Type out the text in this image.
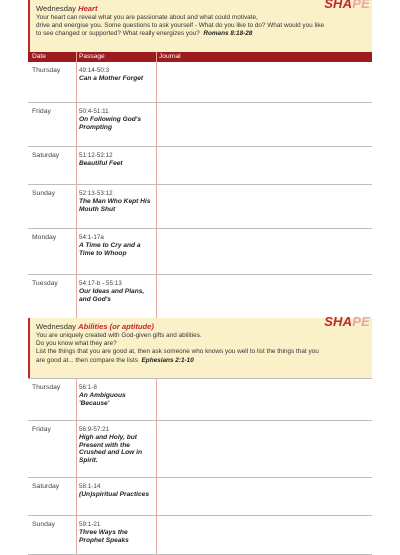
Wednesday Heart	SHAPE
Your heart can reveal what you are passionate about and what could motivate,
drive and energise you. Some questions to ask yourself - What do you like to do? What would you like
to see changed or supported? What really energizes you? Romans 8:18-28
Date	Passage	Journal
Thursday	49:14-50:3
Can a Mother Forget
Friday	50:4-51:11
On Following God's Prompting
Saturday	51:12-52:12
Beautiful Feet
Sunday	52:13-53:12
The Man Who Kept His Mouth Shut
Monday	54:1-17a
A Time to Cry and a Time to Whoop
Tuesday	54:17-b - 55:13
Our Ideas and Plans, and God's
Wednesday Abilities (or aptitude)	SHAPE
You are uniquely created with God-given gifts and abilities.
Do you know what they are?
List the things that you are good at, then ask someone who knows you well to list the things that you
are good at... then compare the lists Ephesians 2:1-10
Thursday	56:1-8
An Ambiguous 'Because'
Friday	56:9-57:21
High and Holy, but Present with the Crushed and Low in Spirit.
Saturday	58:1-14
(Un)spiritual Practices
Sunday	59:1-21
Three Ways the Prophet Speaks
